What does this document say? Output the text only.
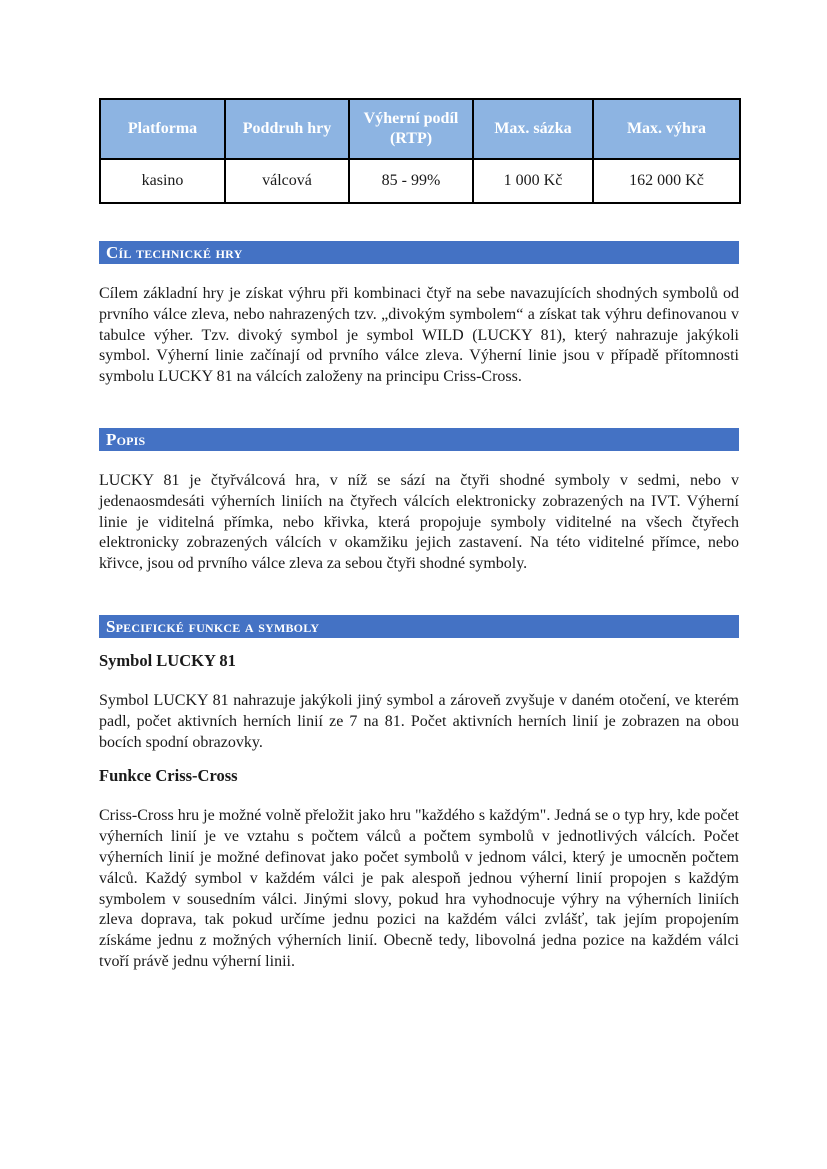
Platforma	Poddruh hry	Výherní podíl (RTP)	Max. sázka	Max. výhra
kasino	válcová	85 - 99%	1 000 Kč	162 000 Kč
Cíl technické hry

Cílem základní hry je získat výhru při kombinaci čtyř na sebe navazujících shodných symbolů od prvního válce zleva, nebo nahrazených tzv. „divokým symbolem“ a získat tak výhru definovanou v tabulce výher. Tzv. divoký symbol je symbol WILD (LUCKY 81), který nahrazuje jakýkoli symbol. Výherní linie začínají od prvního válce zleva. Výherní linie jsou v případě přítomnosti symbolu LUCKY 81 na válcích založeny na principu Criss-Cross.

Popis

LUCKY 81 je čtyřválcová hra, v níž se sází na čtyři shodné symboly v sedmi, nebo v jedenaosmdesáti výherních liniích na čtyřech válcích elektronicky zobrazených na IVT. Výherní linie je viditelná přímka, nebo křivka, která propojuje symboly viditelné na všech čtyřech elektronicky zobrazených válcích v okamžiku jejich zastavení. Na této viditelné přímce, nebo křivce, jsou od prvního válce zleva za sebou čtyři shodné symboly.

Specifické funkce a symboly
Symbol LUCKY 81

Symbol LUCKY 81 nahrazuje jakýkoli jiný symbol a zároveň zvyšuje v daném otočení, ve kterém padl, počet aktivních herních linií ze 7 na 81. Počet aktivních herních linií je zobrazen na obou bocích spodní obrazovky.

Funkce Criss-Cross

Criss-Cross hru je možné volně přeložit jako hru "každého s každým". Jedná se o typ hry, kde počet výherních linií je ve vztahu s počtem válců a počtem symbolů v jednotlivých válcích. Počet výherních linií je možné definovat jako počet symbolů v jednom válci, který je umocněn počtem válců. Každý symbol v každém válci je pak alespoň jednou výherní linií propojen s každým symbolem v sousedním válci. Jinými slovy, pokud hra vyhodnocuje výhry na výherních liniích zleva doprava, tak pokud určíme jednu pozici na každém válci zvlášť, tak jejím propojením získáme jednu z možných výherních linií. Obecně tedy, libovolná jedna pozice na každém válci tvoří právě jednu výherní linii.
